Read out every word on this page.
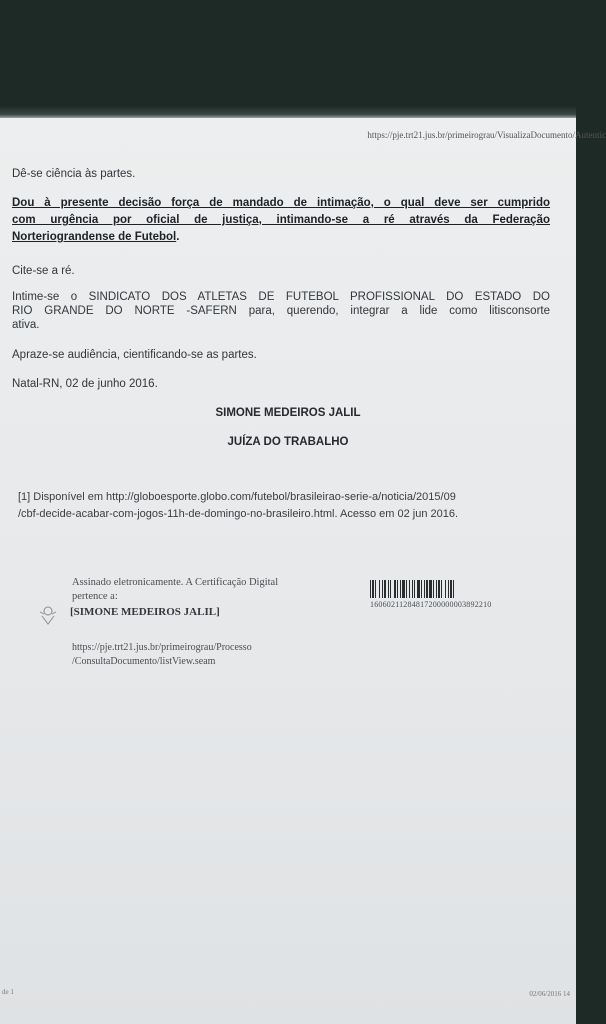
https://pje.trt21.jus.br/primeirograu/VisualizaDocumento/Autentic
Dê-se ciência às partes.
Dou à presente decisão força de mandado de intimação, o qual deve ser cumprido
com urgência por oficial de justiça, intimando-se a ré através da Federação
Norteriograndense de Futebol.
Cite-se a ré.
Intime-se o SINDICATO DOS ATLETAS DE FUTEBOL PROFISSIONAL DO ESTADO DO
RIO GRANDE DO NORTE -SAFERN para, querendo, integrar a lide como litisconsorte
ativa.
Apraze-se audiência, cientificando-se as partes.
Natal-RN, 02 de junho 2016.
SIMONE MEDEIROS JALIL
JUÍZA DO TRABALHO
[1] Disponível em http://globoesporte.globo.com/futebol/brasileirao-serie-a/noticia/2015/09
/cbf-decide-acabar-com-jogos-11h-de-domingo-no-brasileiro.html. Acesso em 02 jun 2016.
Assinado eletronicamente. A Certificação Digital
pertence a:
[SIMONE MEDEIROS JALIL]
https://pje.trt21.jus.br/primeirograu/Processo
/ConsultaDocumento/listView.seam
16060211284817200000003892210
de 1	02/06/2016 14
